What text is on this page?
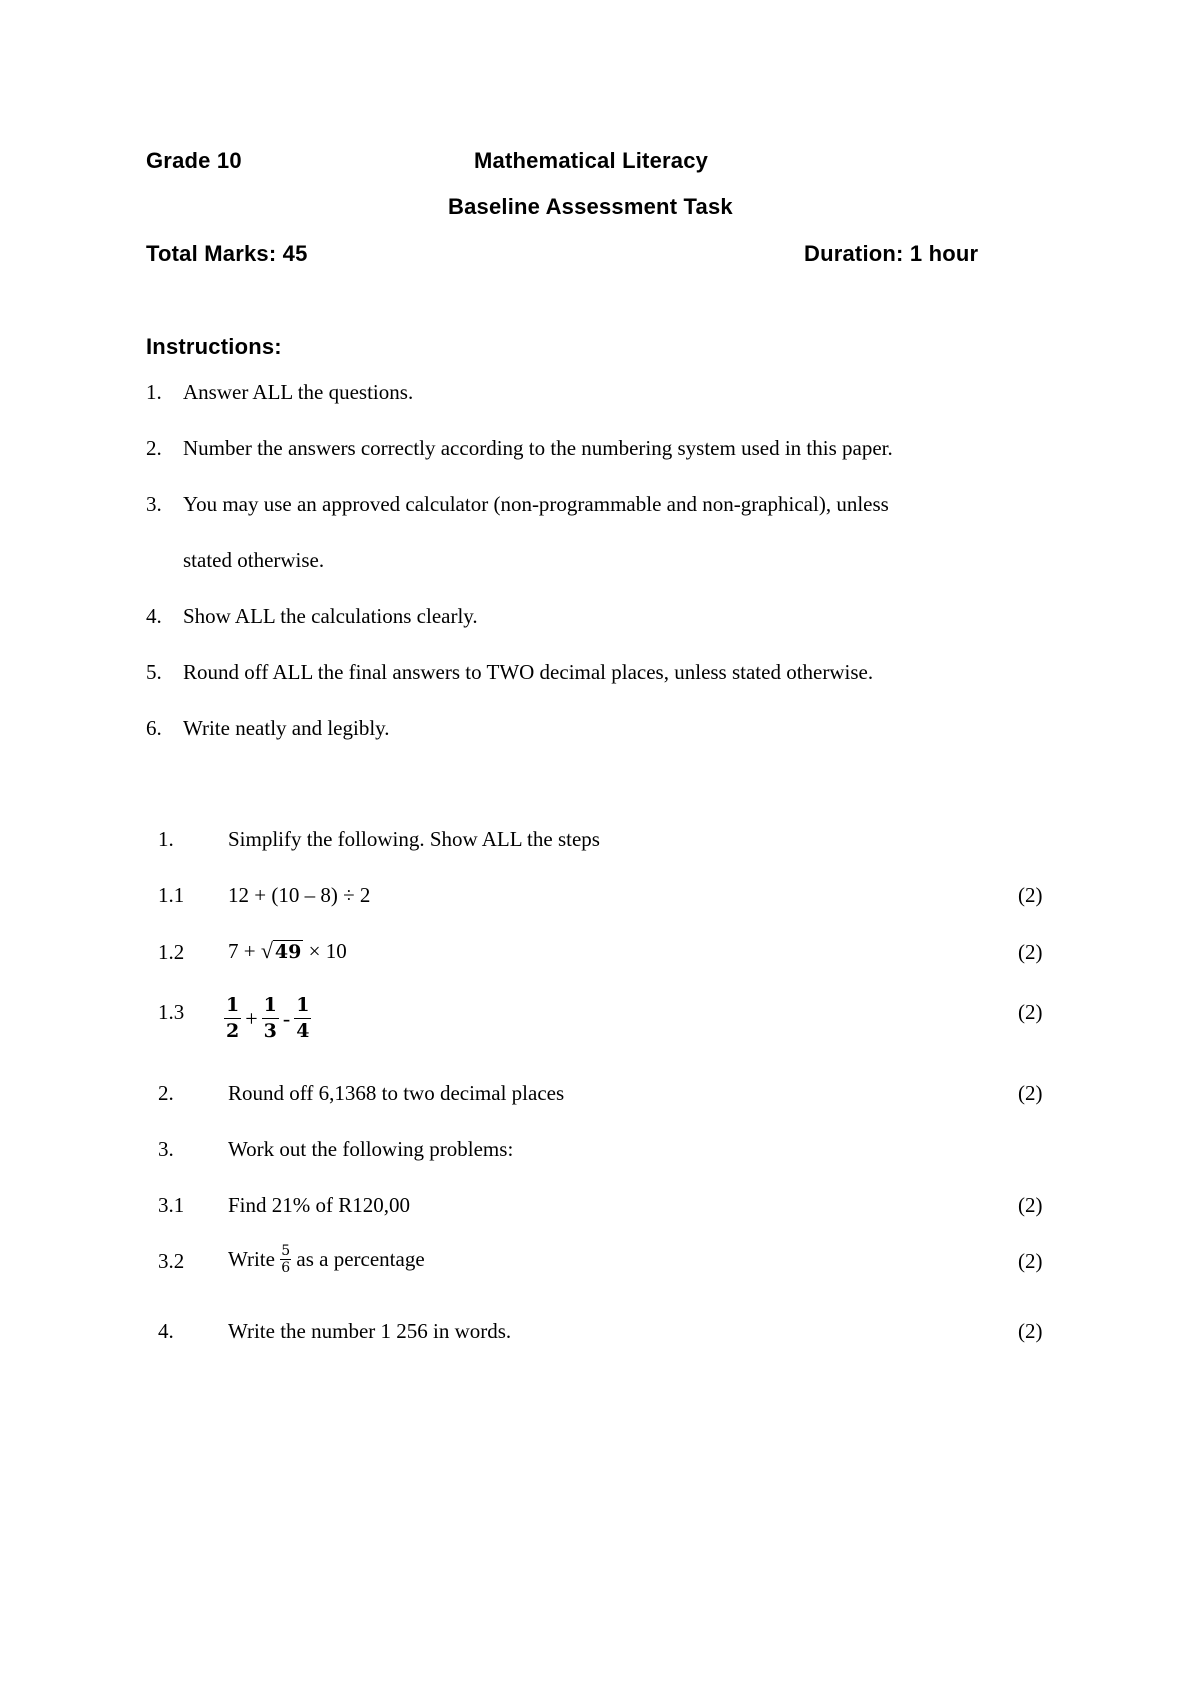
Grade 10	Mathematical Literacy
Baseline Assessment Task
Total Marks: 45	Duration: 1 hour
Instructions:
1. Answer ALL the questions.
2. Number the answers correctly according to the numbering system used in this paper.
3. You may use an approved calculator (non-programmable and non-graphical), unless
stated otherwise.
4. Show ALL the calculations clearly.
5. Round off ALL the final answers to TWO decimal places, unless stated otherwise.
6. Write neatly and legibly.
1.	Simplify the following. Show ALL the steps
1.1 12 + (10 – 8) ÷ 2	(2)
1.2 7 + √ 49 × 10	(2)
$1.3 \frac{1}{2} + \frac{1}{3} - \frac{1}{4}$	(2)
2.	Round off 6,1368 to two decimal places	(2)
3.	Work out the following problems:
3.1 Find 21% of R120,00	(2)
3.2 Write $\frac{5}{6}$ as a percentage	(2)
4.	Write the number 1 256 in words.	(2)
